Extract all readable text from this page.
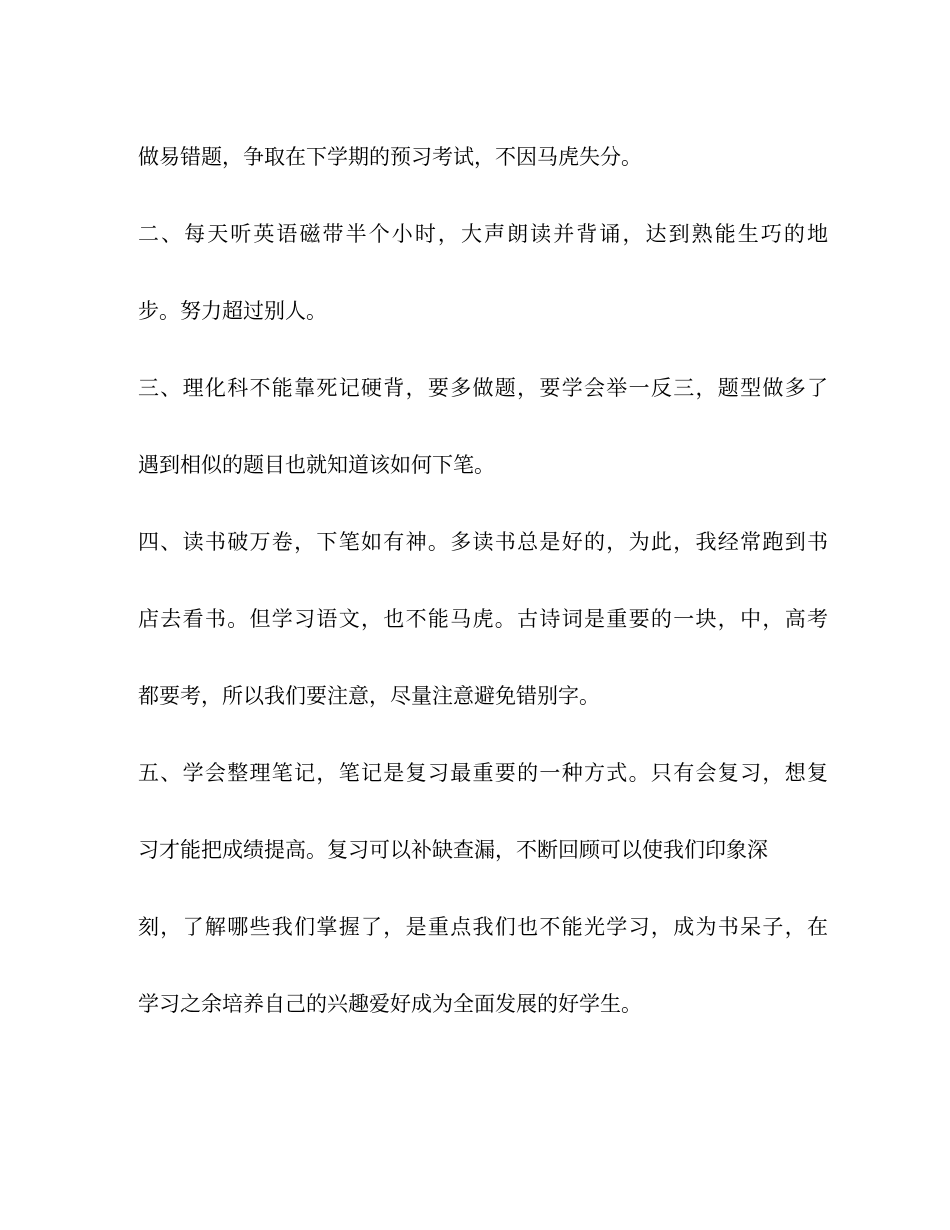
做易错题，争取在下学期的预习考试，不因马虎失分。
二、每天听英语磁带半个小时，大声朗读并背诵，达到熟能生巧的地
步。努力超过别人。
三、理化科不能靠死记硬背，要多做题，要学会举一反三，题型做多了
遇到相似的题目也就知道该如何下笔。
四、读书破万卷，下笔如有神。多读书总是好的，为此，我经常跑到书
店去看书。但学习语文，也不能马虎。古诗词是重要的一块，中，高考
都要考，所以我们要注意，尽量注意避免错别字。
五、学会整理笔记，笔记是复习最重要的一种方式。只有会复习，想复
习才能把成绩提高。复习可以补缺查漏，不断回顾可以使我们印象深
刻，了解哪些我们掌握了，是重点我们也不能光学习，成为书呆子，在
学习之余培养自己的兴趣爱好成为全面发展的好学生。
